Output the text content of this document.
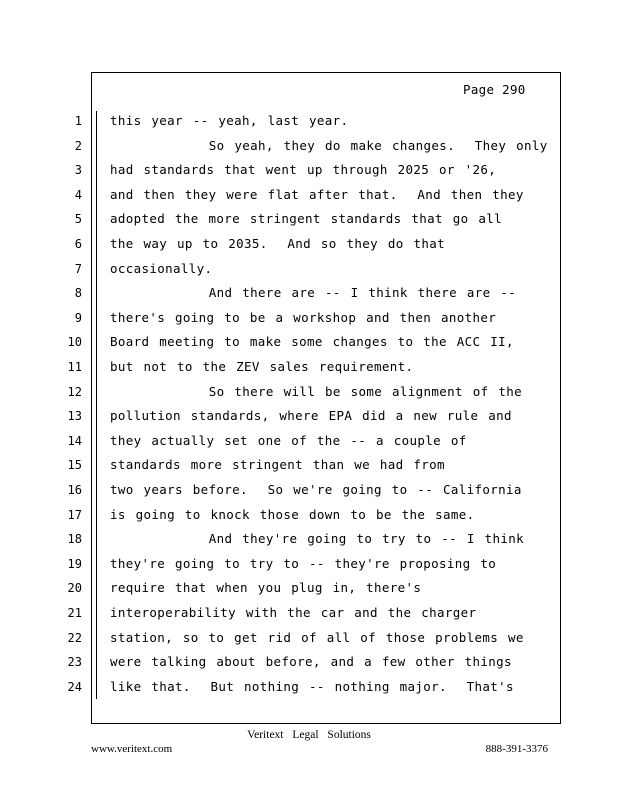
Page 290
1 this year -- yeah, last year.
2 So yeah, they do make changes.  They only
3 had standards that went up through 2025 or '26,
4 and then they were flat after that.  And then they
5 adopted the more stringent standards that go all
6 the way up to 2035.  And so they do that
7 occasionally.
8 And there are -- I think there are --
9 there's going to be a workshop and then another
10 Board meeting to make some changes to the ACC II,
11 but not to the ZEV sales requirement.
12 So there will be some alignment of the
13 pollution standards, where EPA did a new rule and
14 they actually set one of the -- a couple of
15 standards more stringent than we had from
16 two years before.  So we're going to -- California
17 is going to knock those down to be the same.
18 And they're going to try to -- I think
19 they're going to try to -- they're proposing to
20 require that when you plug in, there's
21 interoperability with the car and the charger
22 station, so to get rid of all of those problems we
23 were talking about before, and a few other things
24 like that.  But nothing -- nothing major.  That's
Veritext Legal Solutions
www.veritext.com	888-391-3376
